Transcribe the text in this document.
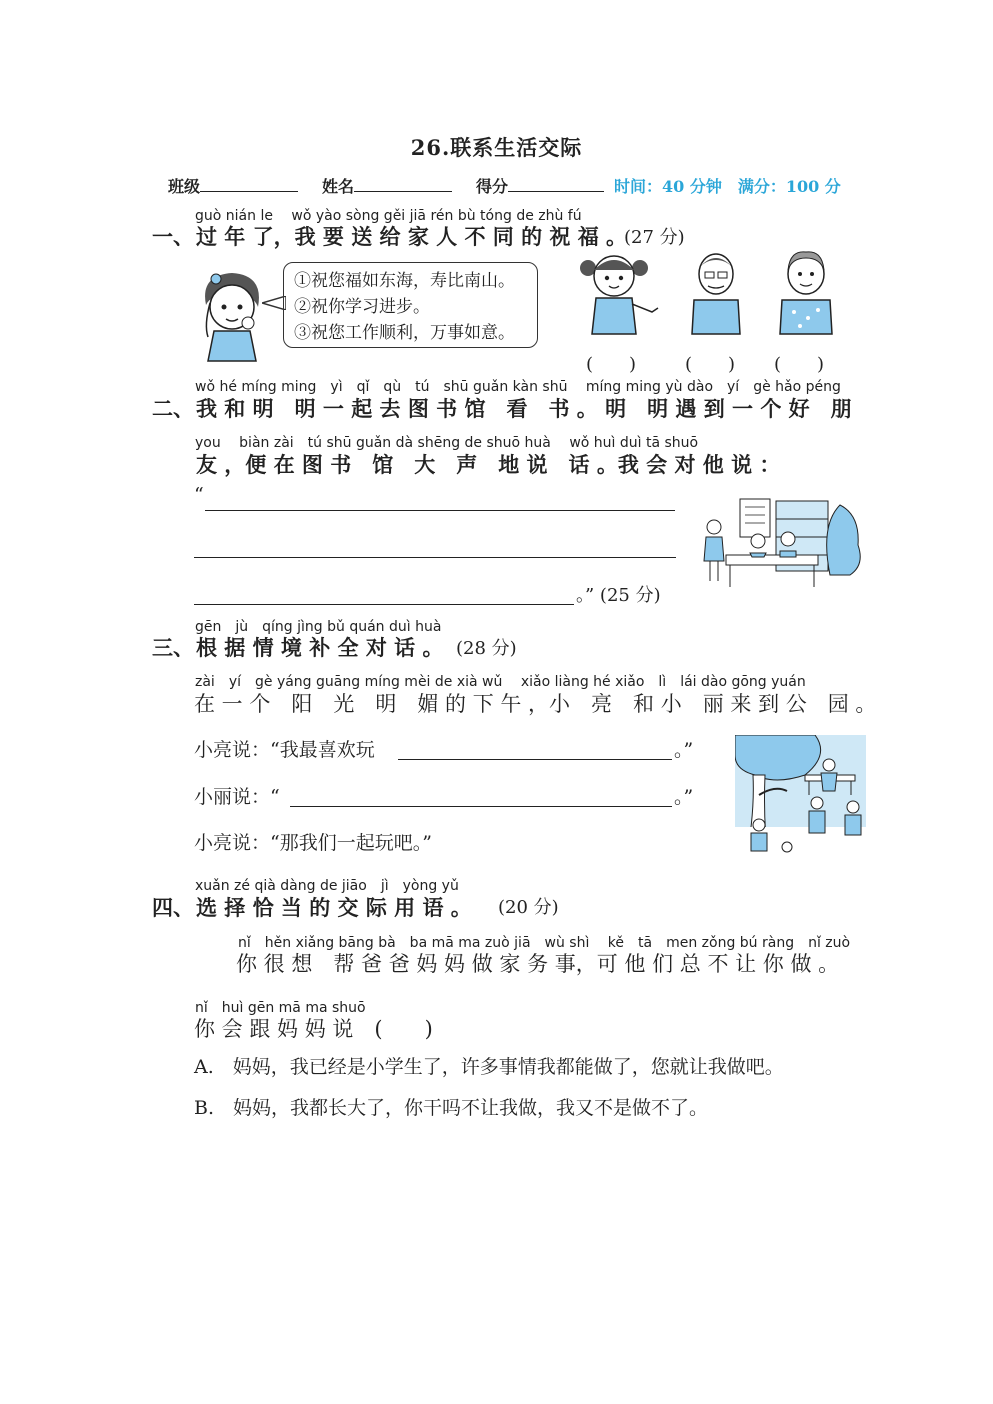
26.联系生活交际
班级	姓名	得分	时间：40 分钟　满分：100 分
guò nián le　 wǒ yào sòng gěi jiā rén bù tóng de zhù fú
一、 过 年 了，我 要 送 给 家 人 不 同 的 祝 福 。
(27 分)
①祝您福如东海，寿比南山。
②祝你学习进步。
③祝您工作顺利，万事如意。
(　　)	(　　) (　　)
wǒ hé míng ming　yì　qǐ　qù　tú　shū guǎn kàn shū　 míng ming yù dào　yí　gè hǎo péng
二、 我 和 明　明 一 起 去 图 书 馆　看　书 。 明　明 遇 到 一 个 好　朋
you　 biàn zài　tú shū guǎn dà shēng de shuō huà　 wǒ huì duì tā shuō
友 ，便 在 图 书　馆　大　声　地 说　话 。我 会 对 他 说 ：
“
。” (25 分)
gēn　jù　qíng jìng bǔ quán duì huà
三、 根 据 情 境 补 全 对 话 。 (28 分)
zài　yí　gè yáng guāng míng mèi de xià wǔ　 xiǎo liàng hé xiǎo　lì　lái dào gōng yuán
在 一 个　阳　光　明　媚 的 下 午 ，小　亮　和 小　丽 来 到 公　园 。
小亮说：“我最喜欢玩	。”
小丽说：“	。”
小亮说：“那我们一起玩吧。”
xuǎn zé qià dàng de jiāo　jì　yòng yǔ
四、 选 择 恰 当 的 交 际 用 语 。 (20 分)
nǐ　hěn xiǎng bāng bà　ba mā ma zuò jiā　wù shì　 kě　tā　men zǒng bú ràng　nǐ zuò
你 很 想　帮 爸 爸 妈 妈 做 家 务 事，可 他 们 总 不 让 你 做 。
nǐ　huì gēn mā ma shuō
你 会 跟 妈 妈 说　(　　)
A.　妈妈，我已经是小学生了，许多事情我都能做了，您就让我做吧。
B.　妈妈，我都长大了，你干吗不让我做，我又不是做不了。
